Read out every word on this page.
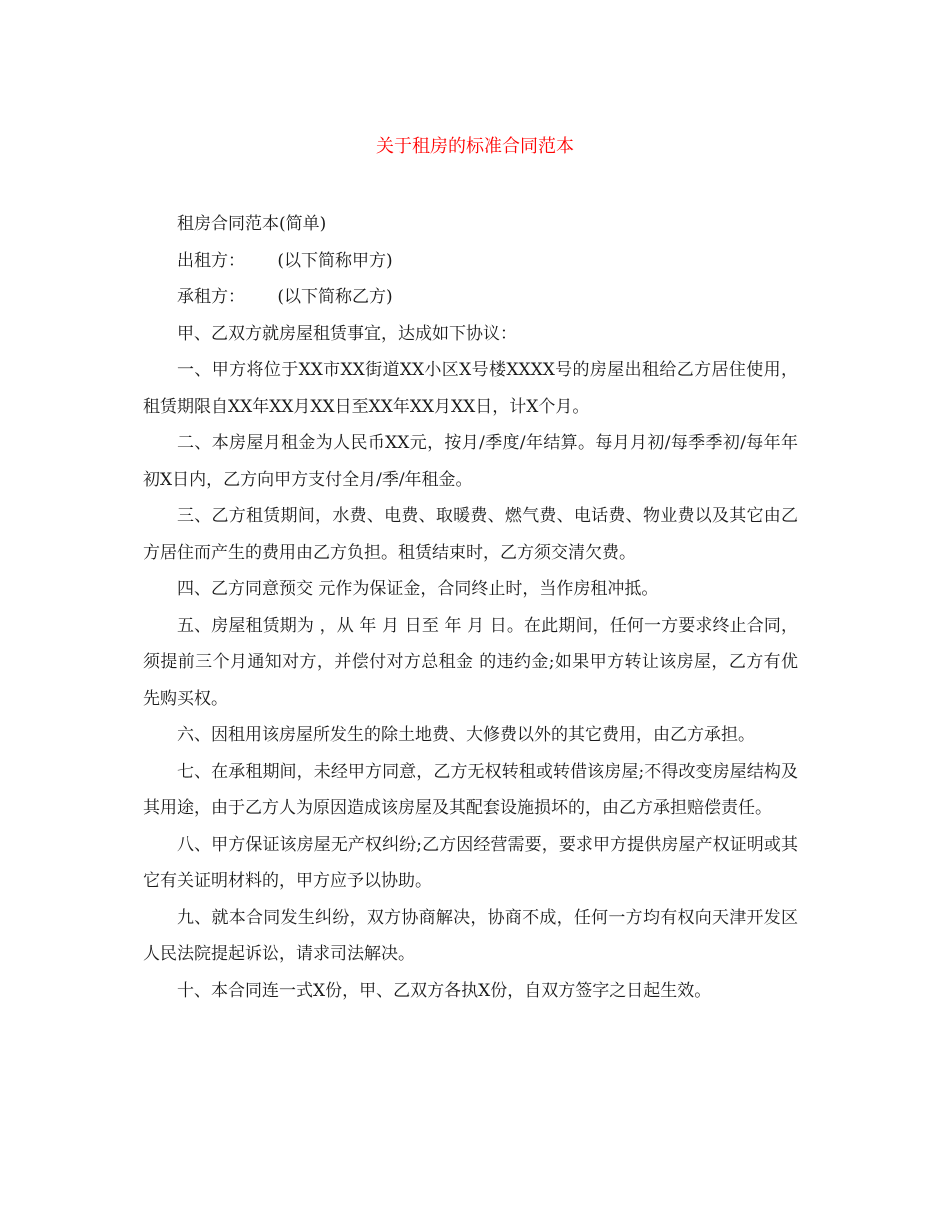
关于租房的标准合同范本

租房合同范本(简单)

出租方：      (以下简称甲方)

承租方：      (以下简称乙方)

甲、乙双方就房屋租赁事宜，达成如下协议：

一、甲方将位于XX市XX街道XX小区X号楼XXXX号的房屋出租给乙方居住使用，租赁期限自XX年XX月XX日至XX年XX月XX日，计X个月。

二、本房屋月租金为人民币XX元，按月/季度/年结算。每月月初/每季季初/每年年初X日内，乙方向甲方支付全月/季/年租金。

三、乙方租赁期间，水费、电费、取暖费、燃气费、电话费、物业费以及其它由乙方居住而产生的费用由乙方负担。租赁结束时，乙方须交清欠费。

四、乙方同意预交 元作为保证金，合同终止时，当作房租冲抵。

五、房屋租赁期为 ，从 年 月 日至 年 月 日。在此期间，任何一方要求终止合同，须提前三个月通知对方，并偿付对方总租金 的违约金;如果甲方转让该房屋，乙方有优先购买权。

六、因租用该房屋所发生的除土地费、大修费以外的其它费用，由乙方承担。

七、在承租期间，未经甲方同意，乙方无权转租或转借该房屋;不得改变房屋结构及其用途，由于乙方人为原因造成该房屋及其配套设施损坏的，由乙方承担赔偿责任。

八、甲方保证该房屋无产权纠纷;乙方因经营需要，要求甲方提供房屋产权证明或其它有关证明材料的，甲方应予以协助。

九、就本合同发生纠纷，双方协商解决，协商不成，任何一方均有权向天津开发区人民法院提起诉讼，请求司法解决。

十、本合同连一式X份，甲、乙双方各执X份，自双方签字之日起生效。
